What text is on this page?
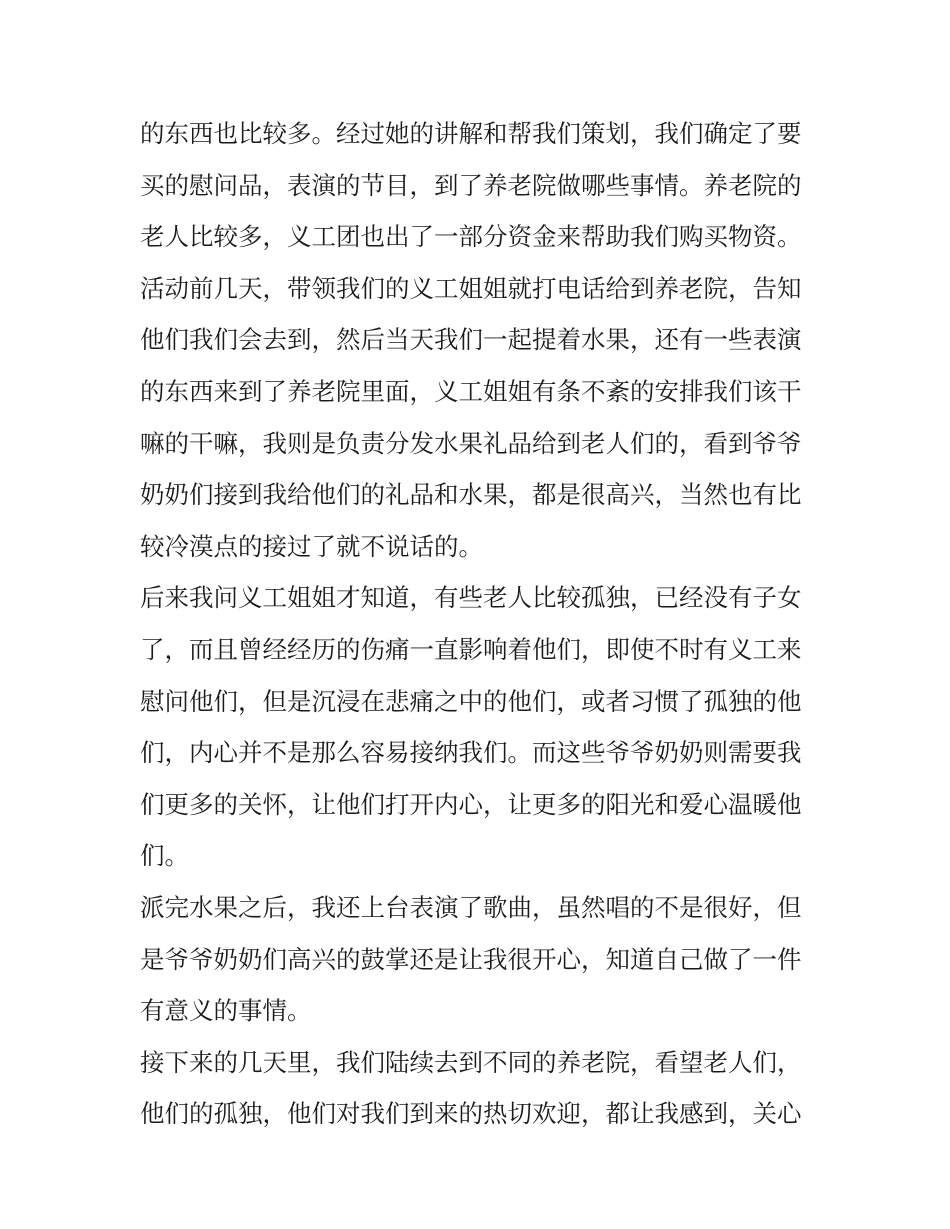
的东西也比较多。经过她的讲解和帮我们策划，我们确定了要
买的慰问品，表演的节目，到了养老院做哪些事情。养老院的
老人比较多，义工团也出了一部分资金来帮助我们购买物资。
活动前几天，带领我们的义工姐姐就打电话给到养老院，告知
他们我们会去到，然后当天我们一起提着水果，还有一些表演
的东西来到了养老院里面，义工姐姐有条不紊的安排我们该干
嘛的干嘛，我则是负责分发水果礼品给到老人们的，看到爷爷
奶奶们接到我给他们的礼品和水果，都是很高兴，当然也有比
较冷漠点的接过了就不说话的。
后来我问义工姐姐才知道，有些老人比较孤独，已经没有子女
了，而且曾经经历的伤痛一直影响着他们，即使不时有义工来
慰问他们，但是沉浸在悲痛之中的他们，或者习惯了孤独的他
们，内心并不是那么容易接纳我们。而这些爷爷奶奶则需要我
们更多的关怀，让他们打开内心，让更多的阳光和爱心温暖他
们。
派完水果之后，我还上台表演了歌曲，虽然唱的不是很好，但
是爷爷奶奶们高兴的鼓掌还是让我很开心，知道自己做了一件
有意义的事情。
接下来的几天里，我们陆续去到不同的养老院，看望老人们，
他们的孤独，他们对我们到来的热切欢迎，都让我感到，关心
